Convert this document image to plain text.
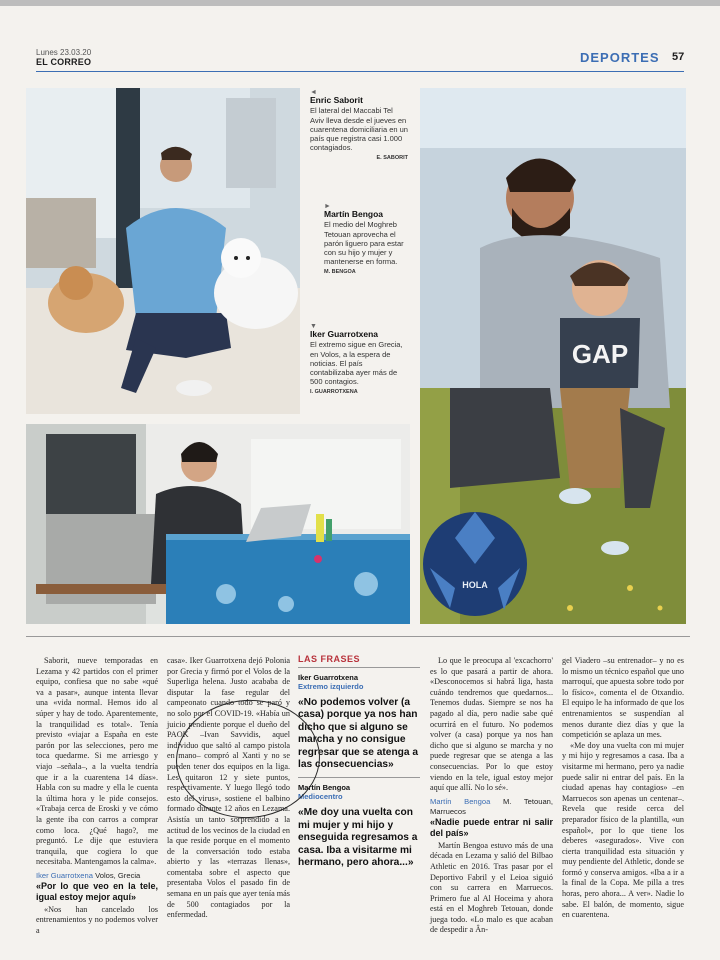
Lunes 23.03.20
EL CORREO	DEPORTES 57
◄
Enric Saborit
El lateral del Maccabi Tel Aviv lleva desde el jueves en cuarentena domiciliaria en un país que registra casi 1.000 contagiados.
E. SABORIT
►
Martín Bengoa
El medio del Moghreb Tetouan aprovecha el parón liguero para estar con su hijo y mujer y mantenerse en forma.
M. BENGOA
▼
Iker Guarrotxena
El extremo sigue en Grecia, en Volos, a la espera de noticias. El país contabilizaba ayer más de 500 contagios.
I. GUARROTXENA
GAP
HOLA

Saborit, nueve temporadas en Lezama y 42 partidos con el primer equipo, confiesa que no sabe «qué va a pasar», aunque intenta llevar una «vida normal. Hemos ido al súper y hay de todo. Aparentemente, la tranquilidad es total». Tenía previsto «viajar a España en este parón por las selecciones, pero me toca quedarme. Si me arriesgo y viajo –señala–, a la vuelta tendría que ir a la cuarentena 14 días». Habla con su madre y ella le cuenta la última hora y le pide consejos. «Trabaja cerca de Eroski y ve cómo la gente iba con carros a comprar como loca. ¿Qué hago?, me preguntó. Le dije que estuviera tranquila, que cogiera lo que necesitaba. Mantengamos la calma».

Iker Guarrotxena Volos, Grecia
«Por lo que veo en la tele, igual estoy mejor aquí»

«Nos han cancelado los entrenamientos y no podemos volver a

casa». Iker Guarrotxena dejó Polonia por Grecia y firmó por el Volos de la Superliga helena. Justo acababa de disputar la fase regular del campeonato cuando todo se paró y no solo por el COVID-19. «Había un juicio pendiente porque el dueño del PAOK –Ivan Savvidis, aquel individuo que saltó al campo pistola en mano– compró al Xanti y no se pueden tener dos equipos en la liga. Les quitaron 12 y siete puntos, respectivamente. Y luego llegó todo esto del virus», sostiene el balbino formado durante 12 años en Lezama. Asistía un tanto sorprendido a la actitud de los vecinos de la ciudad en la que reside porque en el momento de la conversación todo estaba abierto y las «terrazas llenas», comentaba sobre el aspecto que presentaba Volos el pasado fin de semana en un país que ayer tenía más de 500 contagiados por la enfermedad.

LAS FRASES
Iker Guarrotxena
Extremo izquierdo
«No podemos volver (a casa) porque ya nos han dicho que si alguno se marcha y no consigue regresar que se atenga a las consecuencias»
Martín Bengoa
Mediocentro
«Me doy una vuelta con mi mujer y mi hijo y enseguida regresamos a casa. Iba a visitarme mi hermano, pero ahora...»

Lo que le preocupa al 'excachorro' es lo que pasará a partir de ahora. «Desconocemos si habrá liga, hasta cuándo tendremos que quedarnos... Tenemos dudas. Siempre se nos ha pagado al día, pero nadie sabe qué ocurrirá en el futuro. No podemos volver (a casa) porque ya nos han dicho que si alguno se marcha y no puede regresar que se atenga a las consecuencias. Por lo que estoy viendo en la tele, igual estoy mejor aquí que allí. No lo sé».

Martín Bengoa M. Tetouan, Marruecos
«Nadie puede entrar ni salir del país»

Martín Bengoa estuvo más de una década en Lezama y salió del Bilbao Athletic en 2016. Tras pasar por el Deportivo Fabril y el Leioa siguió con su carrera en Marruecos. Primero fue al Al Hoceima y ahora está en el Moghreb Tetouan, donde juega todo. «Lo malo es que acaban de despedir a Ân-

gel Viadero –su entrenador– y no es lo mismo un técnico español que uno marroquí, que apuesta sobre todo por lo físico», comenta el de Otxandio. El equipo le ha informado de que los entrenamientos se suspendían al menos durante diez días y que la competición se aplaza un mes.

«Me doy una vuelta con mi mujer y mi hijo y regresamos a casa. Iba a visitarme mi hermano, pero ya nadie puede salir ni entrar del país. En la ciudad apenas hay contagios» –en Marruecos son apenas un centenar–. Revela que reside cerca del preparador físico de la plantilla, «un español», por lo que tiene los deberes «asegurados». Vive con cierta tranquilidad esta situación y muy pendiente del Athletic, donde se formó y conserva amigos. «Iba a ir a la final de la Copa. Me pilla a tres horas, pero ahora... A ver». Nadie lo sabe. El balón, de momento, sigue en cuarentena.
